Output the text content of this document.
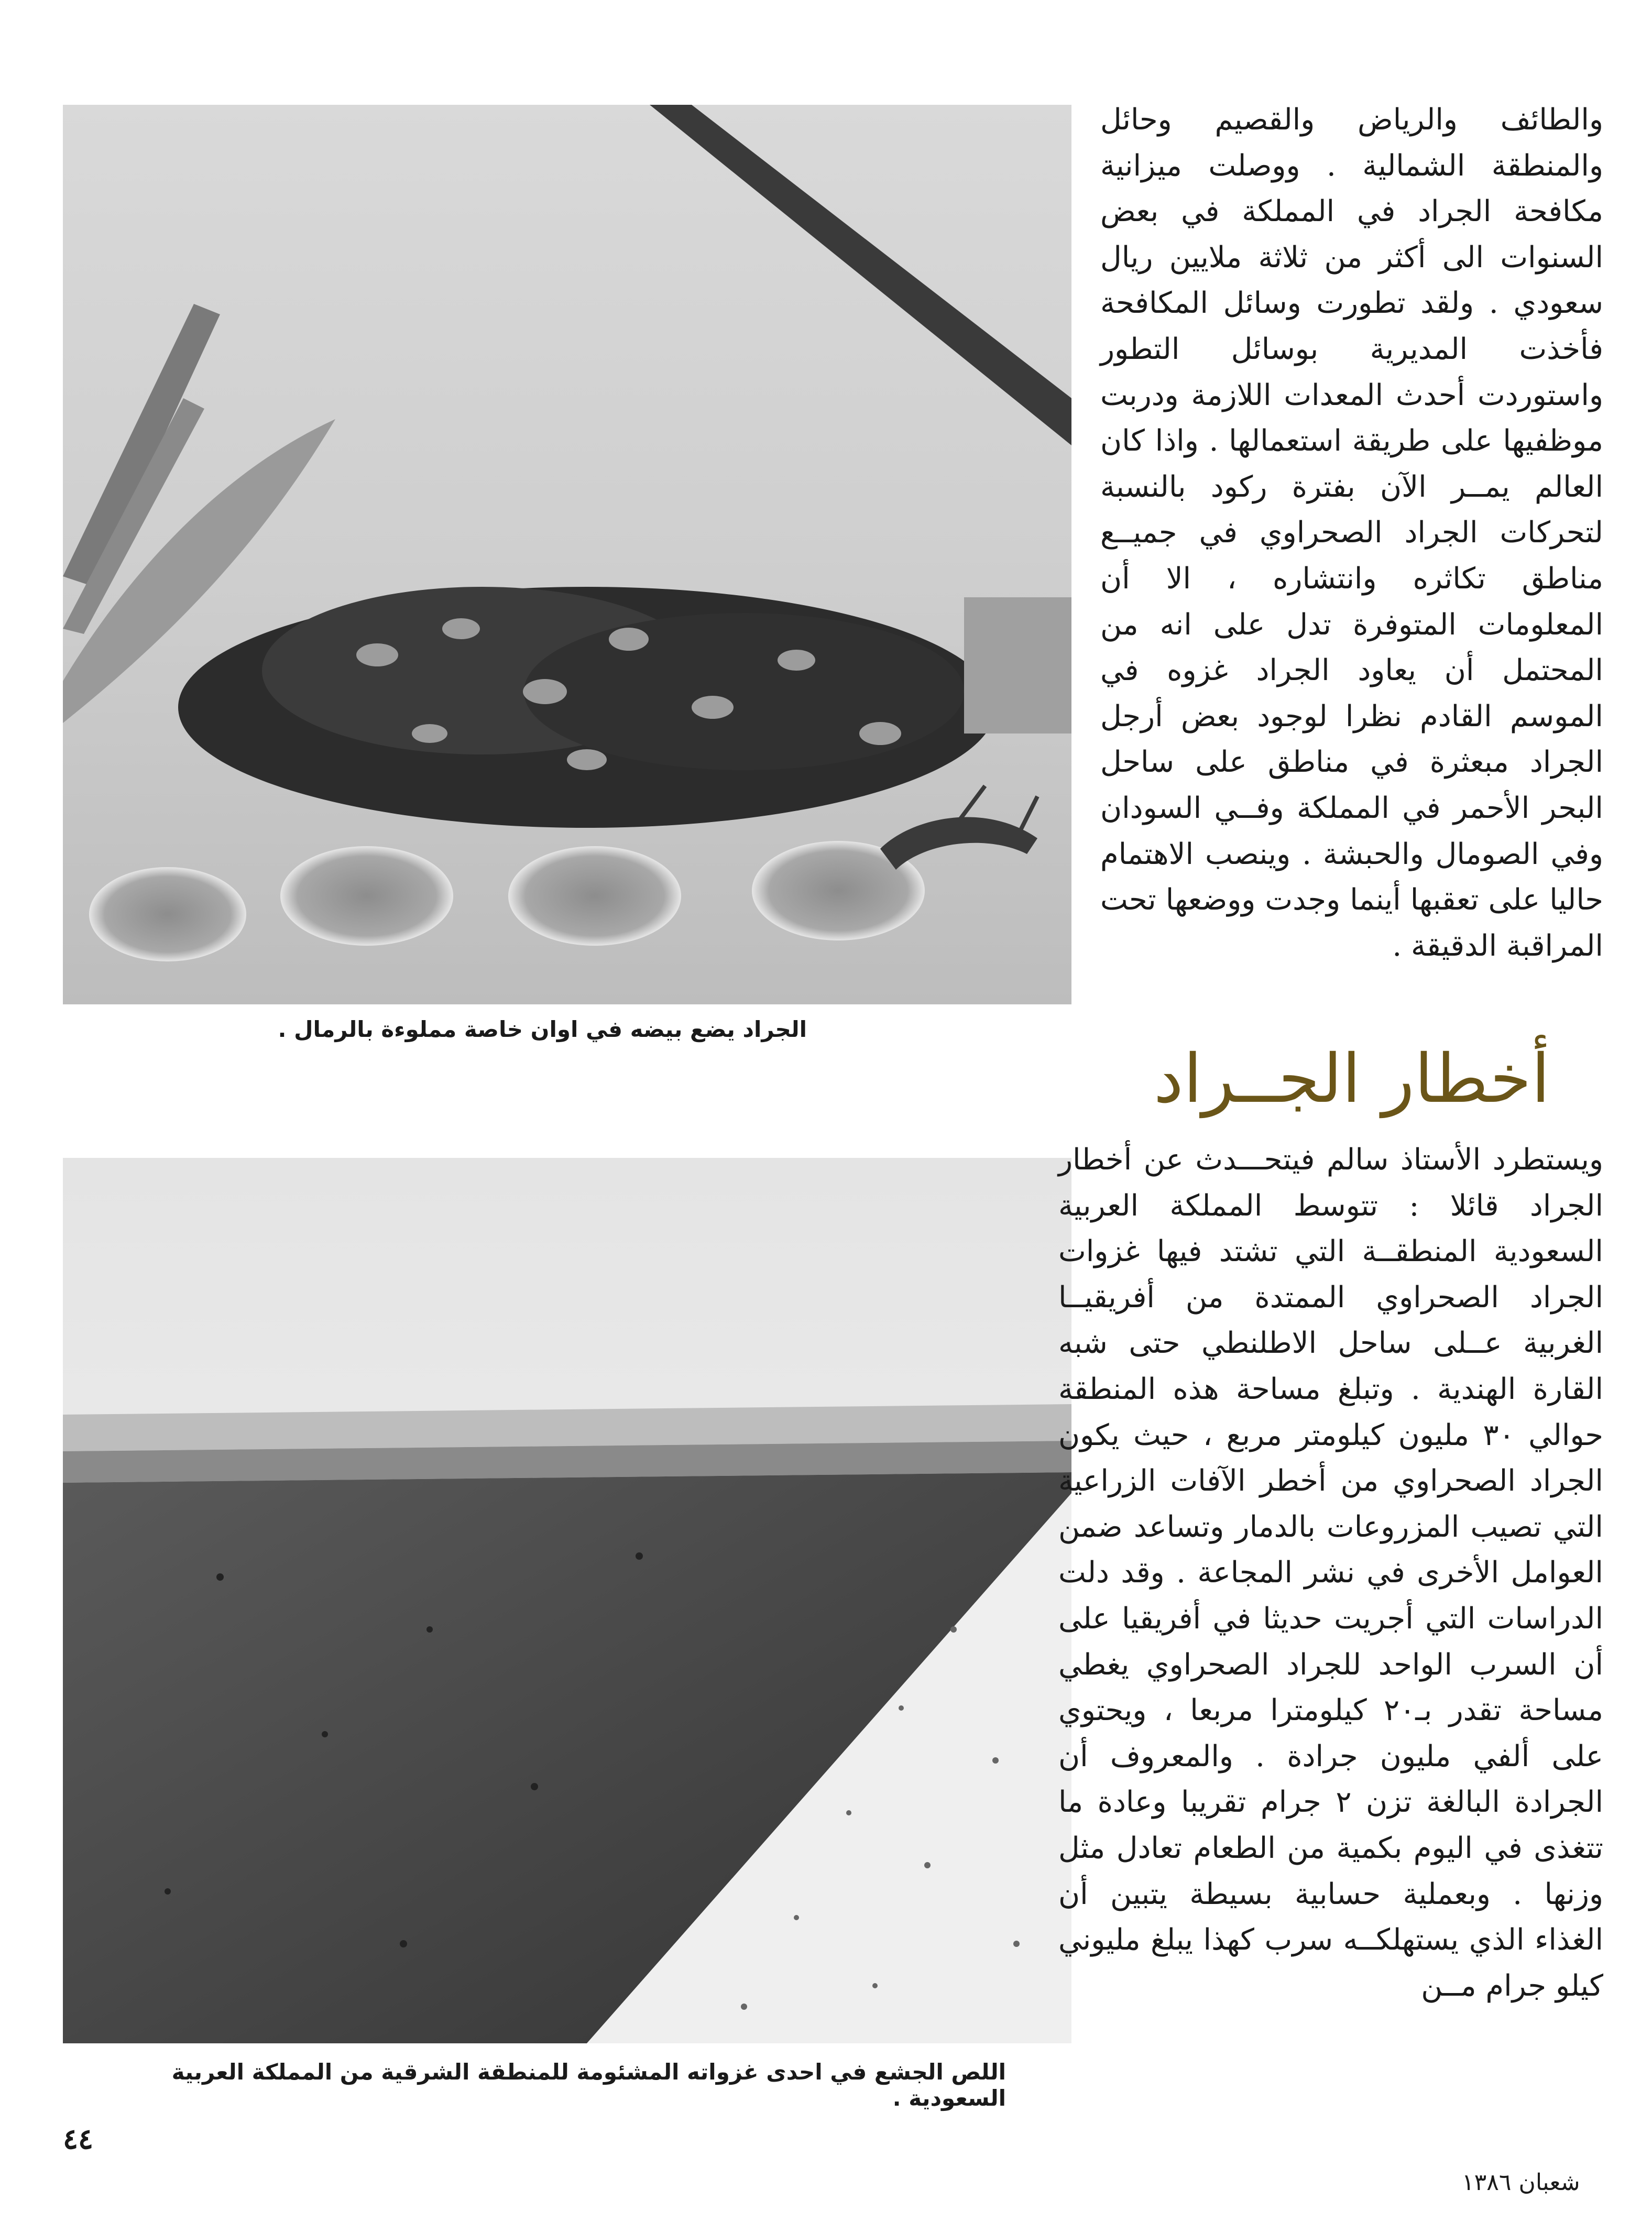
الجراد يضع بيضه في اوان خاصة مملوءة بالرمال .
اللص الجشع في احدى غزواته المشئومة للمنطقة الشرقية من المملكة العربية السعودية .
والطائف والرياض والقصيم وحائل والمنطقة الشمالية . ووصلت ميزانية مكافحة الجراد في المملكة في بعض السنوات الى أكثر من ثلاثة ملايين ريال سعودي . ولقد تطورت وسائل المكافحة فأخذت المديرية بوسائل التطور واستوردت أحدث المعدات اللازمة ودربت موظفيها على طريقة استعمالها . واذا كان العالم يمــر الآن بفترة ركود بالنسبة لتحركات الجراد الصحراوي في جميــع مناطق تكاثره وانتشاره ، الا أن المعلومات المتوفرة تدل على انه من المحتمل أن يعاود الجراد غزوه في الموسم القادم نظرا لوجود بعض أرجل الجراد مبعثرة في مناطق على ساحل البحر الأحمر في المملكة وفــي السودان وفي الصومال والحبشة . وينصب الاهتمام حاليا على تعقبها أينما وجدت ووضعها تحت المراقبة الدقيقة .
أخطار الجــراد
ويستطرد الأستاذ سالم فيتحـــدث عن أخطار الجراد قائلا : تتوسط المملكة العربية السعودية المنطقــة التي تشتد فيها غزوات الجراد الصحراوي الممتدة من أفريقيــا الغربية عــلى ساحل الاطلنطي حتى شبه القارة الهندية . وتبلغ مساحة هذه المنطقة حوالي ٣٠ مليون كيلومتر مربع ، حيث يكون الجراد الصحراوي من أخطر الآفات الزراعية التي تصيب المزروعات بالدمار وتساعد ضمن العوامل الأخرى في نشر المجاعة . وقد دلت الدراسات التي أجريت حديثا في أفريقيا على أن السرب الواحد للجراد الصحراوي يغطي مساحة تقدر بـ٢٠ كيلومترا مربعا ، ويحتوي على ألفي مليون جرادة . والمعروف أن الجرادة البالغة تزن ٢ جرام تقريبا وعادة ما تتغذى في اليوم بكمية من الطعام تعادل مثل وزنها . وبعملية حسابية بسيطة يتبين أن الغذاء الذي يستهلكــه سرب كهذا يبلغ مليوني كيلو جرام مــن
٤٤
شعبان ١٣٨٦
